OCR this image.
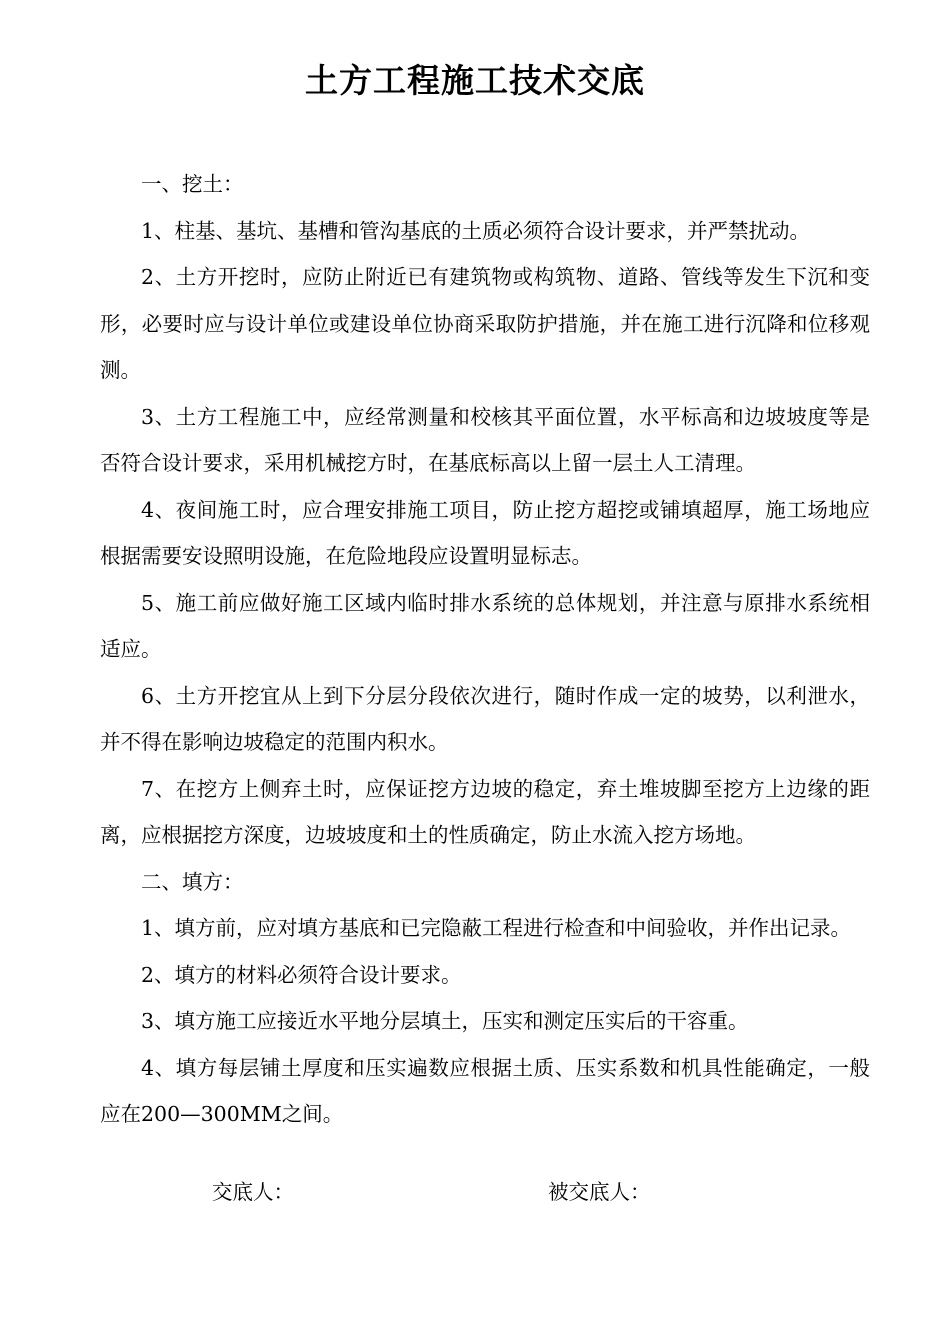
土方工程施工技术交底

一、挖土：

1、柱基、基坑、基槽和管沟基底的土质必须符合设计要求，并严禁扰动。

2、土方开挖时，应防止附近已有建筑物或构筑物、道路、管线等发生下沉和变形，必要时应与设计单位或建设单位协商采取防护措施，并在施工进行沉降和位移观测。

3、土方工程施工中，应经常测量和校核其平面位置，水平标高和边坡坡度等是否符合设计要求，采用机械挖方时，在基底标高以上留一层土人工清理。

4、夜间施工时，应合理安排施工项目，防止挖方超挖或铺填超厚，施工场地应根据需要安设照明设施，在危险地段应设置明显标志。

5、施工前应做好施工区域内临时排水系统的总体规划，并注意与原排水系统相适应。

6、土方开挖宜从上到下分层分段依次进行，随时作成一定的坡势，以利泄水，并不得在影响边坡稳定的范围内积水。

7、在挖方上侧弃土时，应保证挖方边坡的稳定，弃土堆坡脚至挖方上边缘的距离，应根据挖方深度，边坡坡度和土的性质确定，防止水流入挖方场地。

二、填方：

1、填方前，应对填方基底和已完隐蔽工程进行检查和中间验收，并作出记录。

2、填方的材料必须符合设计要求。

3、填方施工应接近水平地分层填土，压实和测定压实后的干容重。

4、填方每层铺土厚度和压实遍数应根据土质、压实系数和机具性能确定，一般应在200—300MM之间。

交底人：	被交底人：
